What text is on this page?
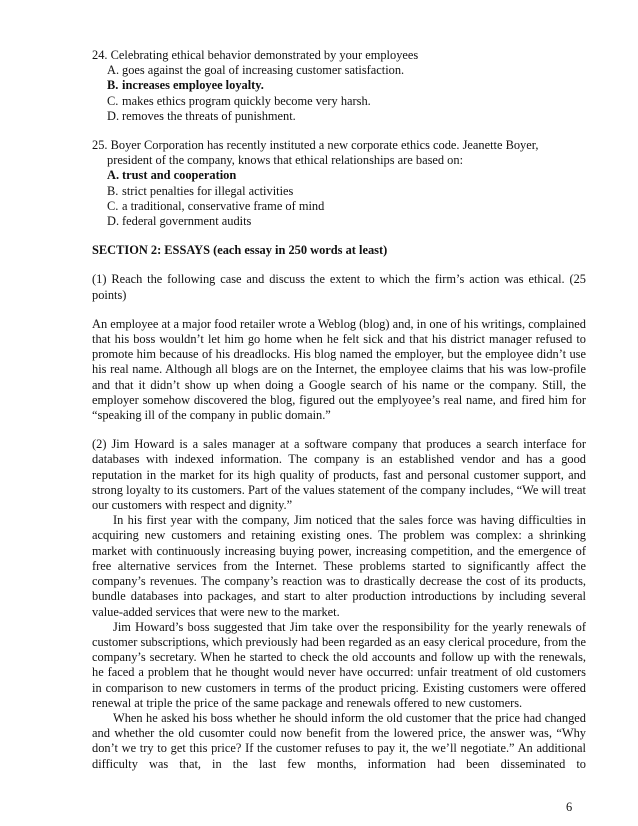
24. Celebrating ethical behavior demonstrated by your employees
A. goes against the goal of increasing customer satisfaction.
B. increases employee loyalty.
C. makes ethics program quickly become very harsh.
D. removes the threats of punishment.
25. Boyer Corporation has recently instituted a new corporate ethics code. Jeanette Boyer,
president of the company, knows that ethical relationships are based on:
A. trust and cooperation
B. strict penalties for illegal activities
C. a traditional, conservative frame of mind
D. federal government audits
SECTION 2: ESSAYS (each essay in 250 words at least)
(1) Reach the following case and discuss the extent to which the firm’s action was ethical. (25 points)
An employee at a major food retailer wrote a Weblog (blog) and, in one of his writings, complained that his boss wouldn’t let him go home when he felt sick and that his district manager refused to promote him because of his dreadlocks. His blog named the employer, but the employee didn’t use his real name. Although all blogs are on the Internet, the employee claims that his was low-profile and that it didn’t show up when doing a Google search of his name or the company. Still, the employer somehow discovered the blog, figured out the emplyoyee’s real name, and fired him for “speaking ill of the company in public domain.”
(2) Jim Howard is a sales manager at a software company that produces a search interface for databases with indexed information. The company is an established vendor and has a good reputation in the market for its high quality of products, fast and personal customer support, and strong loyalty to its customers. Part of the values statement of the company includes, “We will treat our customers with respect and dignity.”
In his first year with the company, Jim noticed that the sales force was having difficulties in acquiring new customers and retaining existing ones. The problem was complex: a shrinking market with continuously increasing buying power, increasing competition, and the emergence of free alternative services from the Internet. These problems started to significantly affect the company’s revenues. The company’s reaction was to drastically decrease the cost of its products, bundle databases into packages, and start to alter production introductions by including several value-added services that were new to the market.
Jim Howard’s boss suggested that Jim take over the responsibility for the yearly renewals of customer subscriptions, which previously had been regarded as an easy clerical procedure, from the company’s secretary. When he started to check the old accounts and follow up with the renewals, he faced a problem that he thought would never have occurred: unfair treatment of old customers in comparison to new customers in terms of the product pricing. Existing customers were offered renewal at triple the price of the same package and renewals offered to new customers.
When he asked his boss whether he should inform the old customer that the price had changed and whether the old cusomter could now benefit from the lowered price, the answer was, “Why don’t we try to get this price? If the customer refuses to pay it, the we’ll negotiate.” An additional difficulty was that, in the last few months, information had been disseminated to
6
